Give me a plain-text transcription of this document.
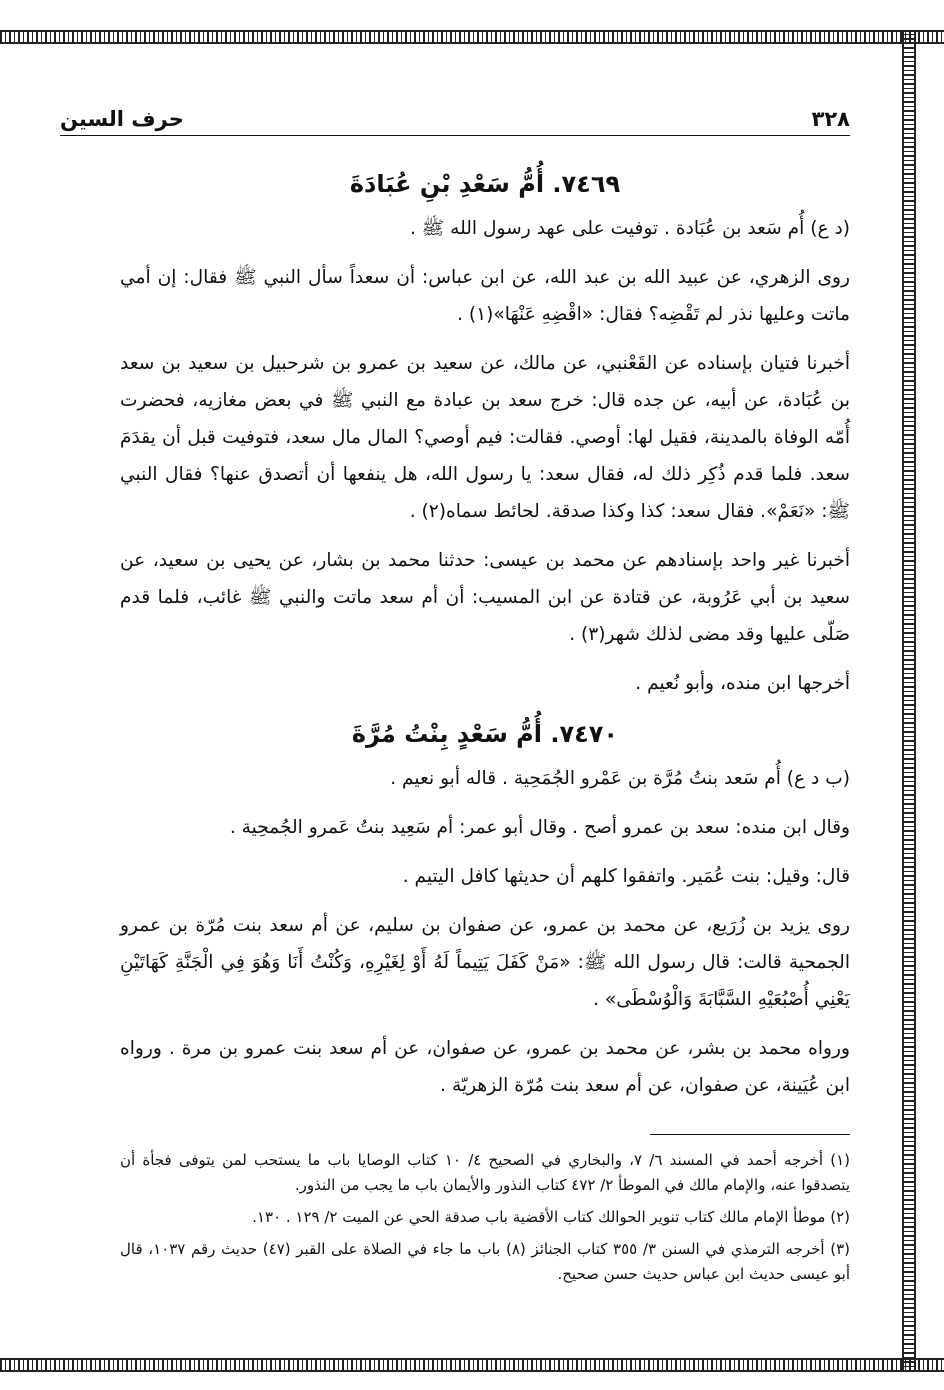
٣٢٨
حرف السين
٧٤٦٩. أُمُّ سَعْدِ بْنِ عُبَادَةَ

(د ع) أُم سَعد بن عُبَادة . توفيت على عهد رسول الله ﷺ .

روى الزهري، عن عبيد الله بن عبد الله، عن ابن عباس: أن سعداً سأل النبي ﷺ فقال: إن أمي ماتت وعليها نذر لم تَقْضِه؟ فقال: «اقْضِهِ عَنْهَا»(١) .

أخبرنا فتيان بإسناده عن القَعْنبي، عن مالك، عن سعيد بن عمرو بن شرحبيل بن سعيد بن سعد بن عُبَادة، عن أبيه، عن جده قال: خرج سعد بن عبادة مع النبي ﷺ في بعض مغازيه، فحضرت أُمّه الوفاة بالمدينة، فقيل لها: أوصي. فقالت: فيم أوصي؟ المال مال سعد، فتوفيت قبل أن يقدَمَ سعد. فلما قدم ذُكِر ذلك له، فقال سعد: يا رسول الله، هل ينفعها أن أتصدق عنها؟ فقال النبي ﷺ: «نَعَمْ». فقال سعد: كذا وكذا صدقة. لحائط سماه(٢) .

أخبرنا غير واحد بإسنادهم عن محمد بن عيسى: حدثنا محمد بن بشار، عن يحيى بن سعيد، عن سعيد بن أبي عَرُوبة، عن قتادة عن ابن المسيب: أن أم سعد ماتت والنبي ﷺ غائب، فلما قدم صَلّى عليها وقد مضى لذلك شهر(٣) .

أخرجها ابن منده، وأبو نُعيم .

٧٤٧٠. أُمُّ سَعْدٍ بِنْتُ مُرَّةَ

(ب د ع) أُم سَعد بنتُ مُرَّة بن عَمْرو الجُمَحِية . قاله أبو نعيم .

وقال ابن منده: سعد بن عمرو أصح . وقال أبو عمر: أم سَعِيد بنتُ عَمرو الجُمحِية .

قال: وقيل: بنت عُمَير. واتفقوا كلهم أن حديثها كافل اليتيم .

روى يزيد بن زُرَيع، عن محمد بن عمرو، عن صفوان بن سليم، عن أم سعد بنت مُرّة بن عمرو الجمحية قالت: قال رسول الله ﷺ: «مَنْ كَفَلَ يَتِيماً لَهُ أَوْ لِغَيْرِهِ، وَكُنْتُ أَنَا وَهُوَ فِي الْجَنَّةِ كَهَاتَيْنِ يَعْنِي أُصْبُعَيْهِ السَّبَّابَةَ وَالْوُسْطَى» .

ورواه محمد بن بشر، عن محمد بن عمرو، عن صفوان، عن أم سعد بنت عمرو بن مرة . ورواه ابن عُيَينة، عن صفوان، عن أم سعد بنت مُرّة الزهريّة .

(١) أخرجه أحمد في المسند ٦/ ٧، والبخاري في الصحيح ٤/ ١٠ كتاب الوصايا باب ما يستحب لمن يتوفى فجأة أن يتصدقوا عنه، والإمام مالك في الموطأ ٢/ ٤٧٢ كتاب النذور والأيمان باب ما يجب من النذور.

(٢) موطأ الإمام مالك كتاب تنوير الحوالك كتاب الأقضية باب صدقة الحي عن الميت ٢/ ١٢٩ . ١٣٠.

(٣) أخرجه الترمذي في السنن ٣/ ٣٥٥ كتاب الجنائز (٨) باب ما جاء في الصلاة على القبر (٤٧) حديث رقم ١٠٣٧، قال أبو عيسى حديث ابن عباس حديث حسن صحيح.
